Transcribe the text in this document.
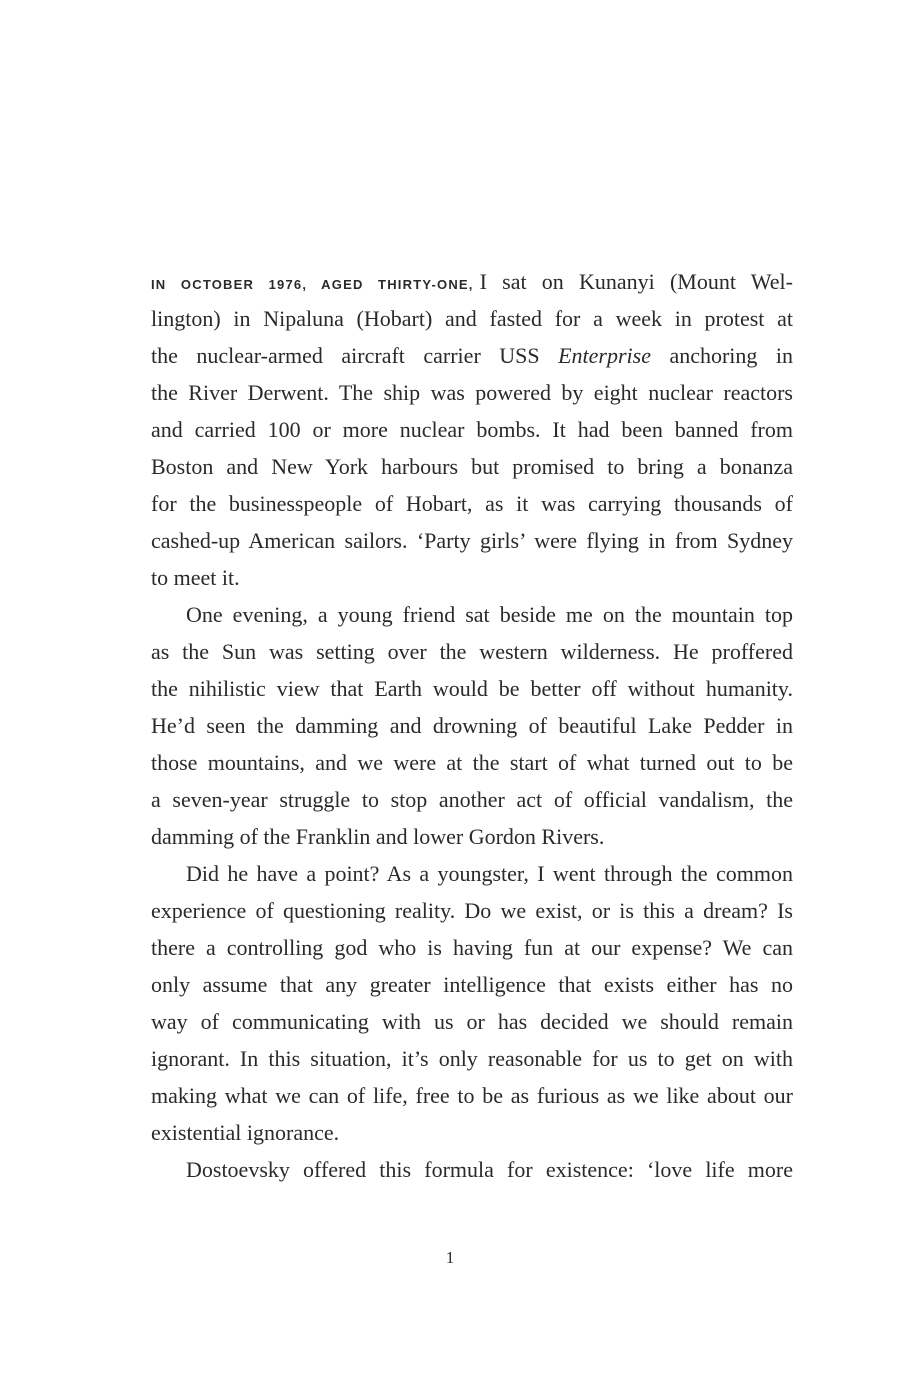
IN OCTOBER 1976, AGED THIRTY-ONE, I sat on Kunanyi (Mount Wel-
lington) in Nipaluna (Hobart) and fasted for a week in protest at
the nuclear-armed aircraft carrier USS Enterprise anchoring in
the River Derwent. The ship was powered by eight nuclear reactors
and carried 100 or more nuclear bombs. It had been banned from
Boston and New York harbours but promised to bring a bonanza
for the businesspeople of Hobart, as it was carrying thousands of
cashed-up American sailors. ‘Party girls’ were flying in from Sydney
to meet it.
One evening, a young friend sat beside me on the mountain top
as the Sun was setting over the western wilderness. He proffered
the nihilistic view that Earth would be better off without humanity.
He’d seen the damming and drowning of beautiful Lake Pedder in
those mountains, and we were at the start of what turned out to be
a seven-year struggle to stop another act of official vandalism, the
damming of the Franklin and lower Gordon Rivers.
Did he have a point? As a youngster, I went through the common
experience of questioning reality. Do we exist, or is this a dream? Is
there a controlling god who is having fun at our expense? We can
only assume that any greater intelligence that exists either has no
way of communicating with us or has decided we should remain
ignorant. In this situation, it’s only reasonable for us to get on with
making what we can of life, free to be as furious as we like about our
existential ignorance.
Dostoevsky offered this formula for existence: ‘love life more
1
